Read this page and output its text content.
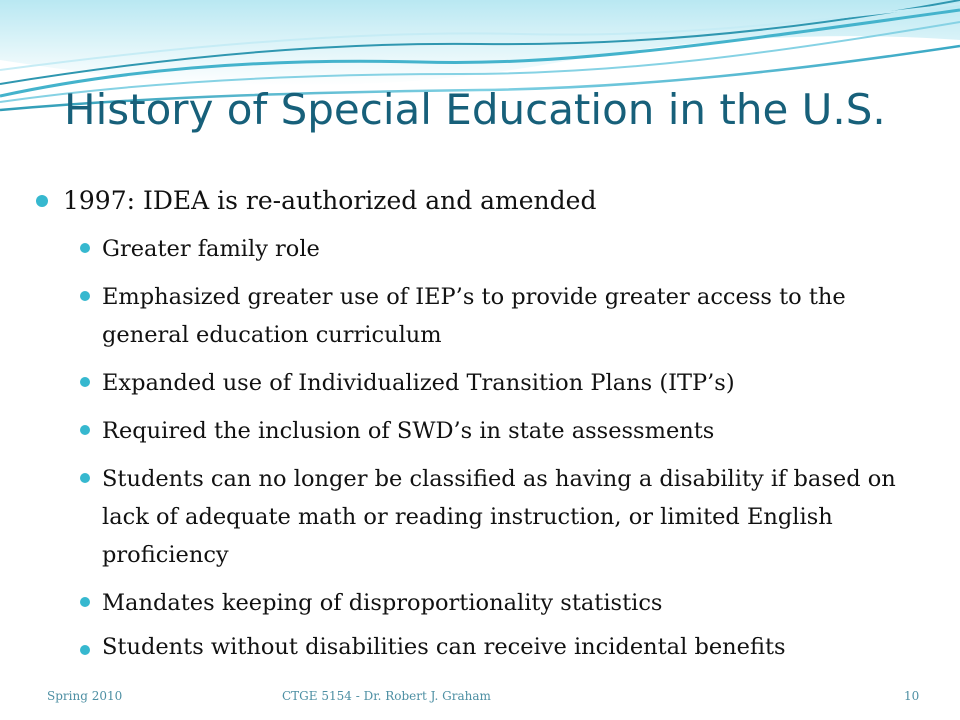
History of Special Education in the U.S.
1997: IDEA is re-authorized and amended
Greater family role
Emphasized greater use of IEP’s to provide greater access to the general education curriculum
Expanded use of Individualized Transition Plans (ITP’s)
Required the inclusion of SWD’s in state assessments
Students can no longer be classified as having a disability if based on lack of adequate math or reading instruction, or limited English proficiency
Mandates keeping of disproportionality statistics
Students without disabilities can receive incidental benefits
Spring 2010	CTGE 5154 - Dr. Robert J. Graham	10
